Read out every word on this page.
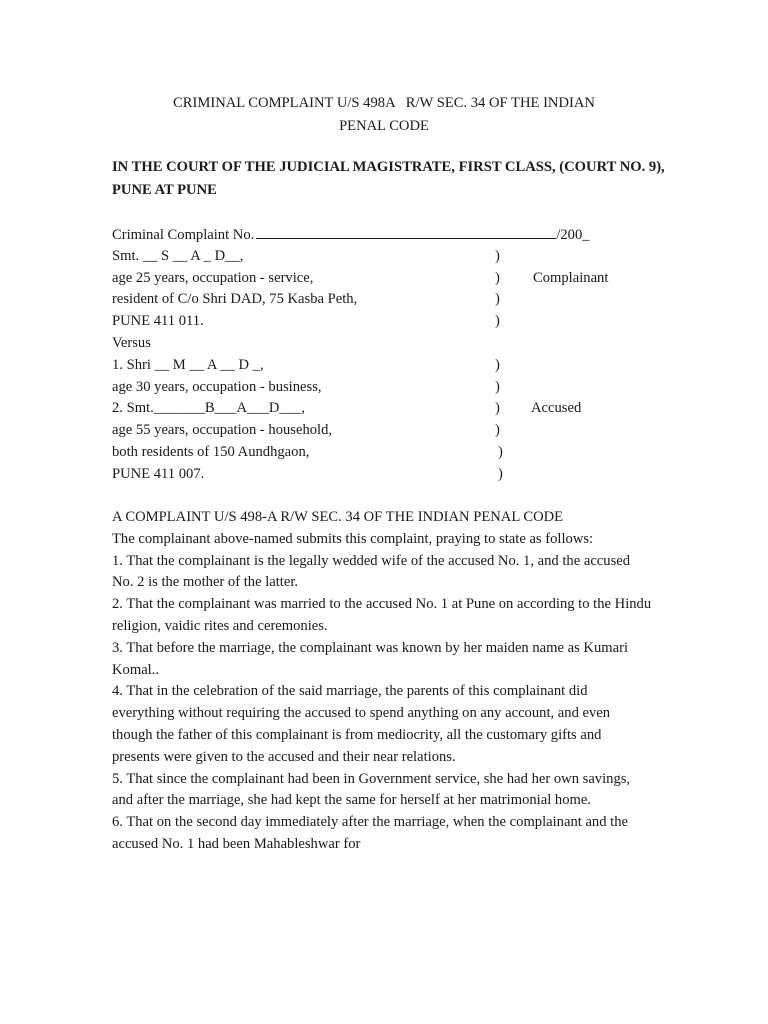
CRIMINAL COMPLAINT U/S 498A   R/W SEC. 34 OF THE INDIAN
PENAL CODE
IN THE COURT OF THE JUDICIAL MAGISTRATE, FIRST CLASS, (COURT NO. 9), PUNE AT PUNE
Criminal Complaint No.	/200_
Smt. __ S __ A _ D__,	)
age 25 years, occupation - service,	) Complainant
resident of C/o Shri DAD, 75 Kasba Peth,	)
PUNE 411 011.	)
Versus
1. Shri __ M __ A __ D _,	)
age 30 years, occupation - business,	)
2. Smt._______B___A___D___,	) Accused
age 55 years, occupation - household,	)
both residents of 150 Aundhgaon,	)
PUNE 411 007.	)

A COMPLAINT U/S 498-A R/W SEC. 34 OF THE INDIAN PENAL CODE

The complainant above-named submits this complaint, praying to state as follows:

1. That the complainant is the legally wedded wife of the accused No. 1, and the accused No. 2 is the mother of the latter.

2. That the complainant was married to the accused No. 1 at Pune on according to the Hindu religion, vaidic rites and ceremonies.

3. That before the marriage, the complainant was known by her maiden name as Kumari Komal..

4. That in the celebration of the said marriage, the parents of this complainant did everything without requiring the accused to spend anything on any account, and even though the father of this complainant is from mediocrity, all the customary gifts and presents were given to the accused and their near relations.

5. That since the complainant had been in Government service, she had her own savings, and after the marriage, she had kept the same for herself at her matrimonial home.

6. That on the second day immediately after the marriage, when the complainant and the accused No. 1 had been Mahableshwar for
